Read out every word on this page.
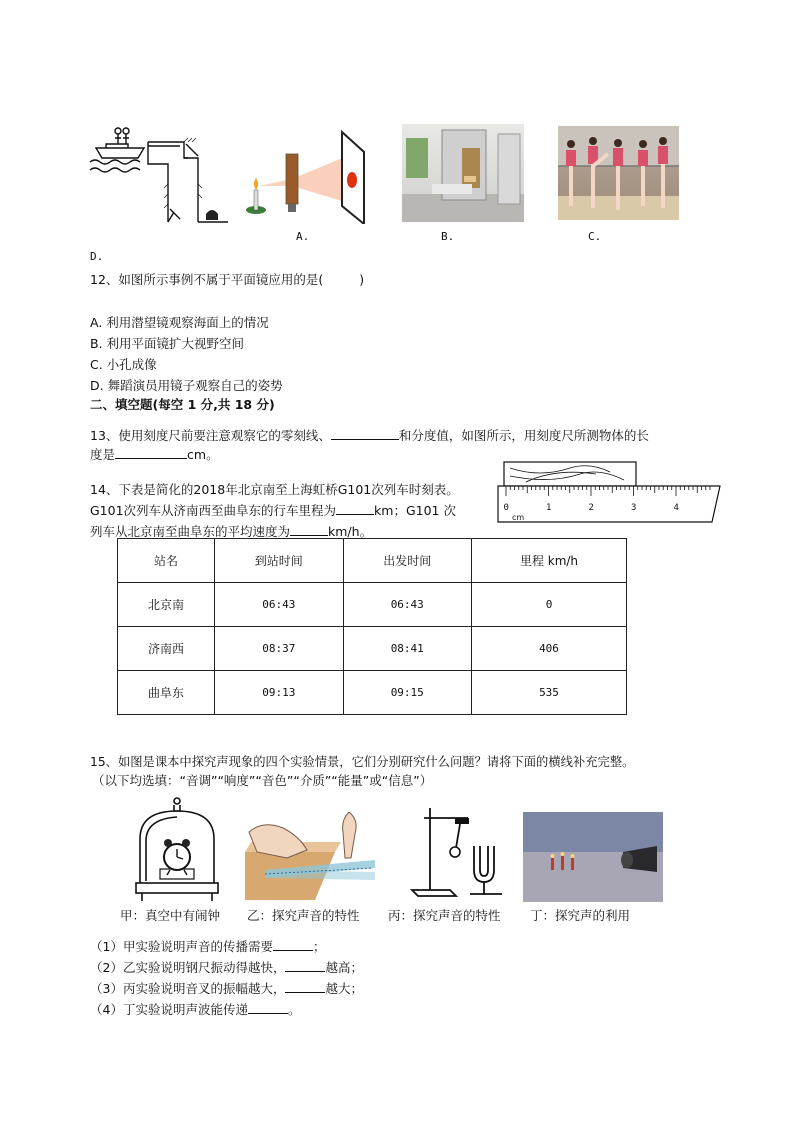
A.	B.	C.
D.
12、如图所示事例不属于平面镜应用的是(	)
A. 利用潜望镜观察海面上的情况
B. 利用平面镜扩大视野空间
C. 小孔成像
D. 舞蹈演员用镜子观察自己的姿势
二、填空题(每空 1 分,共 18 分)
13、使用刻度尺前要注意观察它的零刻线、	和分度值，如图所示，用刻度尺所测物体的长
度是	cm。
0	1	2	3	4
cm
14、下表是简化的2018年北京南至上海虹桥G101次列车时刻表。
G101次列车从济南西至曲阜东的行车里程为	km；G101 次
列车从北京南至曲阜东的平均速度为	km/h。
站名	到站时间	出发时间	里程 km/h
北京南	06:43	06:43	0
济南西	08:37	08:41	406
曲阜东	09:13	09:15	535
15、如图是课本中探究声现象的四个实验情景，它们分别研究什么问题？请将下面的横线补充完整。
（以下均选填：“音调”“响度”“音色”“介质”“能量”或“信息”）
甲：真空中有闹钟 乙：探究声音的特性 丙：探究声音的特性 丁：探究声的利用
（1）甲实验说明声音的传播需要	；
（2）乙实验说明钢尺振动得越快，	越高；
（3）丙实验说明音叉的振幅越大，	越大；
（4）丁实验说明声波能传递	。
